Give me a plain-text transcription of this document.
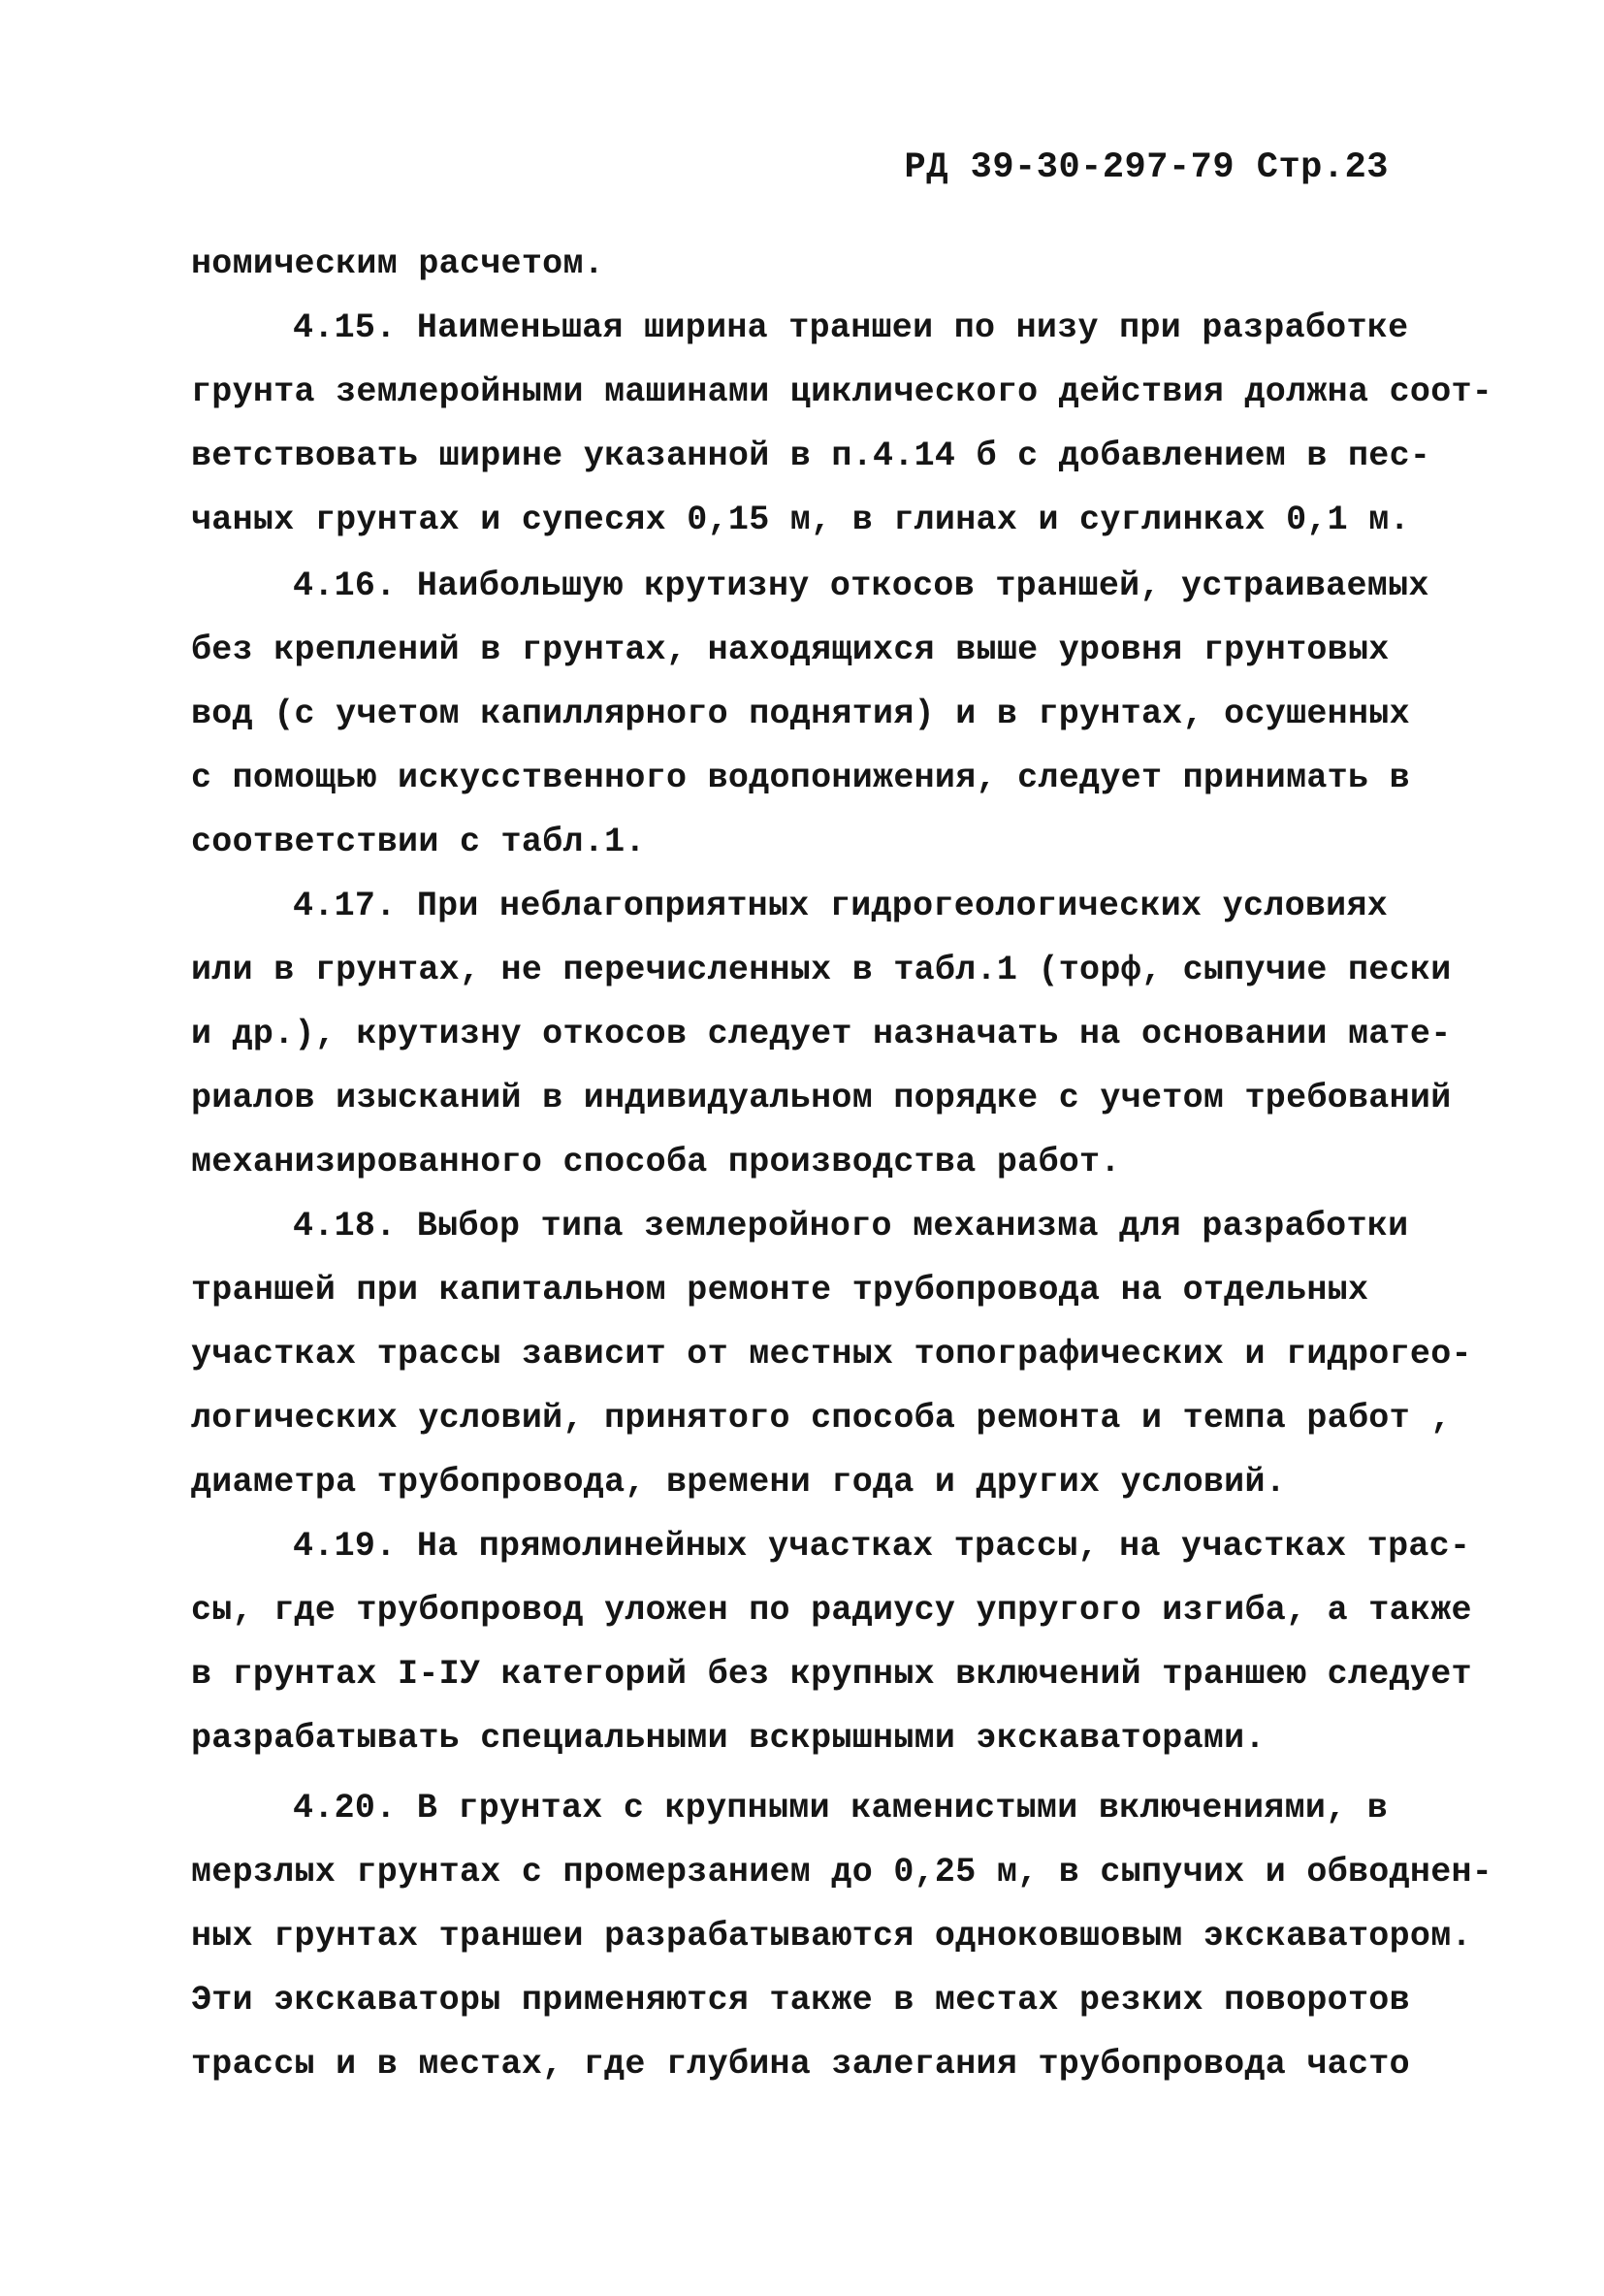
РД 39-30-297-79 Стр.23
номическим расчетом.
4.15. Наименьшая ширина траншеи по низу при разработке
грунта землеройными машинами циклического действия должна соот-
ветствовать ширине указанной в п.4.14 б с добавлением в пес-
чаных грунтах и супесях 0,15 м, в глинах и суглинках 0,1 м.
4.16. Наибольшую крутизну откосов траншей, устраиваемых
без креплений в грунтах, находящихся выше уровня грунтовых
вод (с учетом капиллярного поднятия) и в грунтах, осушенных
с помощью искусственного водопонижения, следует принимать в
соответствии с табл.1.
4.17. При неблагоприятных гидрогеологических условиях
или в грунтах, не перечисленных в табл.1 (торф, сыпучие пески
и др.), крутизну откосов следует назначать на основании мате-
риалов изысканий в индивидуальном порядке с учетом требований
механизированного способа производства работ.
4.18. Выбор типа землеройного механизма для разработки
траншей при капитальном ремонте трубопровода на отдельных
участках трассы зависит от местных топографических и гидрогео-
логических условий, принятого способа ремонта и темпа работ ,
диаметра трубопровода, времени года и других условий.
4.19. На прямолинейных участках трассы, на участках трас-
сы, где трубопровод уложен по радиусу упругого изгиба, а также
в грунтах I-IУ категорий без крупных включений траншею следует
разрабатывать специальными вскрышными экскаваторами.
4.20. В грунтах с крупными каменистыми включениями, в
мерзлых грунтах с промерзанием до 0,25 м, в сыпучих и обводнен-
ных грунтах траншеи разрабатываются одноковшовым экскаватором.
Эти экскаваторы применяются также в местах резких поворотов
трассы и в местах, где глубина залегания трубопровода часто
